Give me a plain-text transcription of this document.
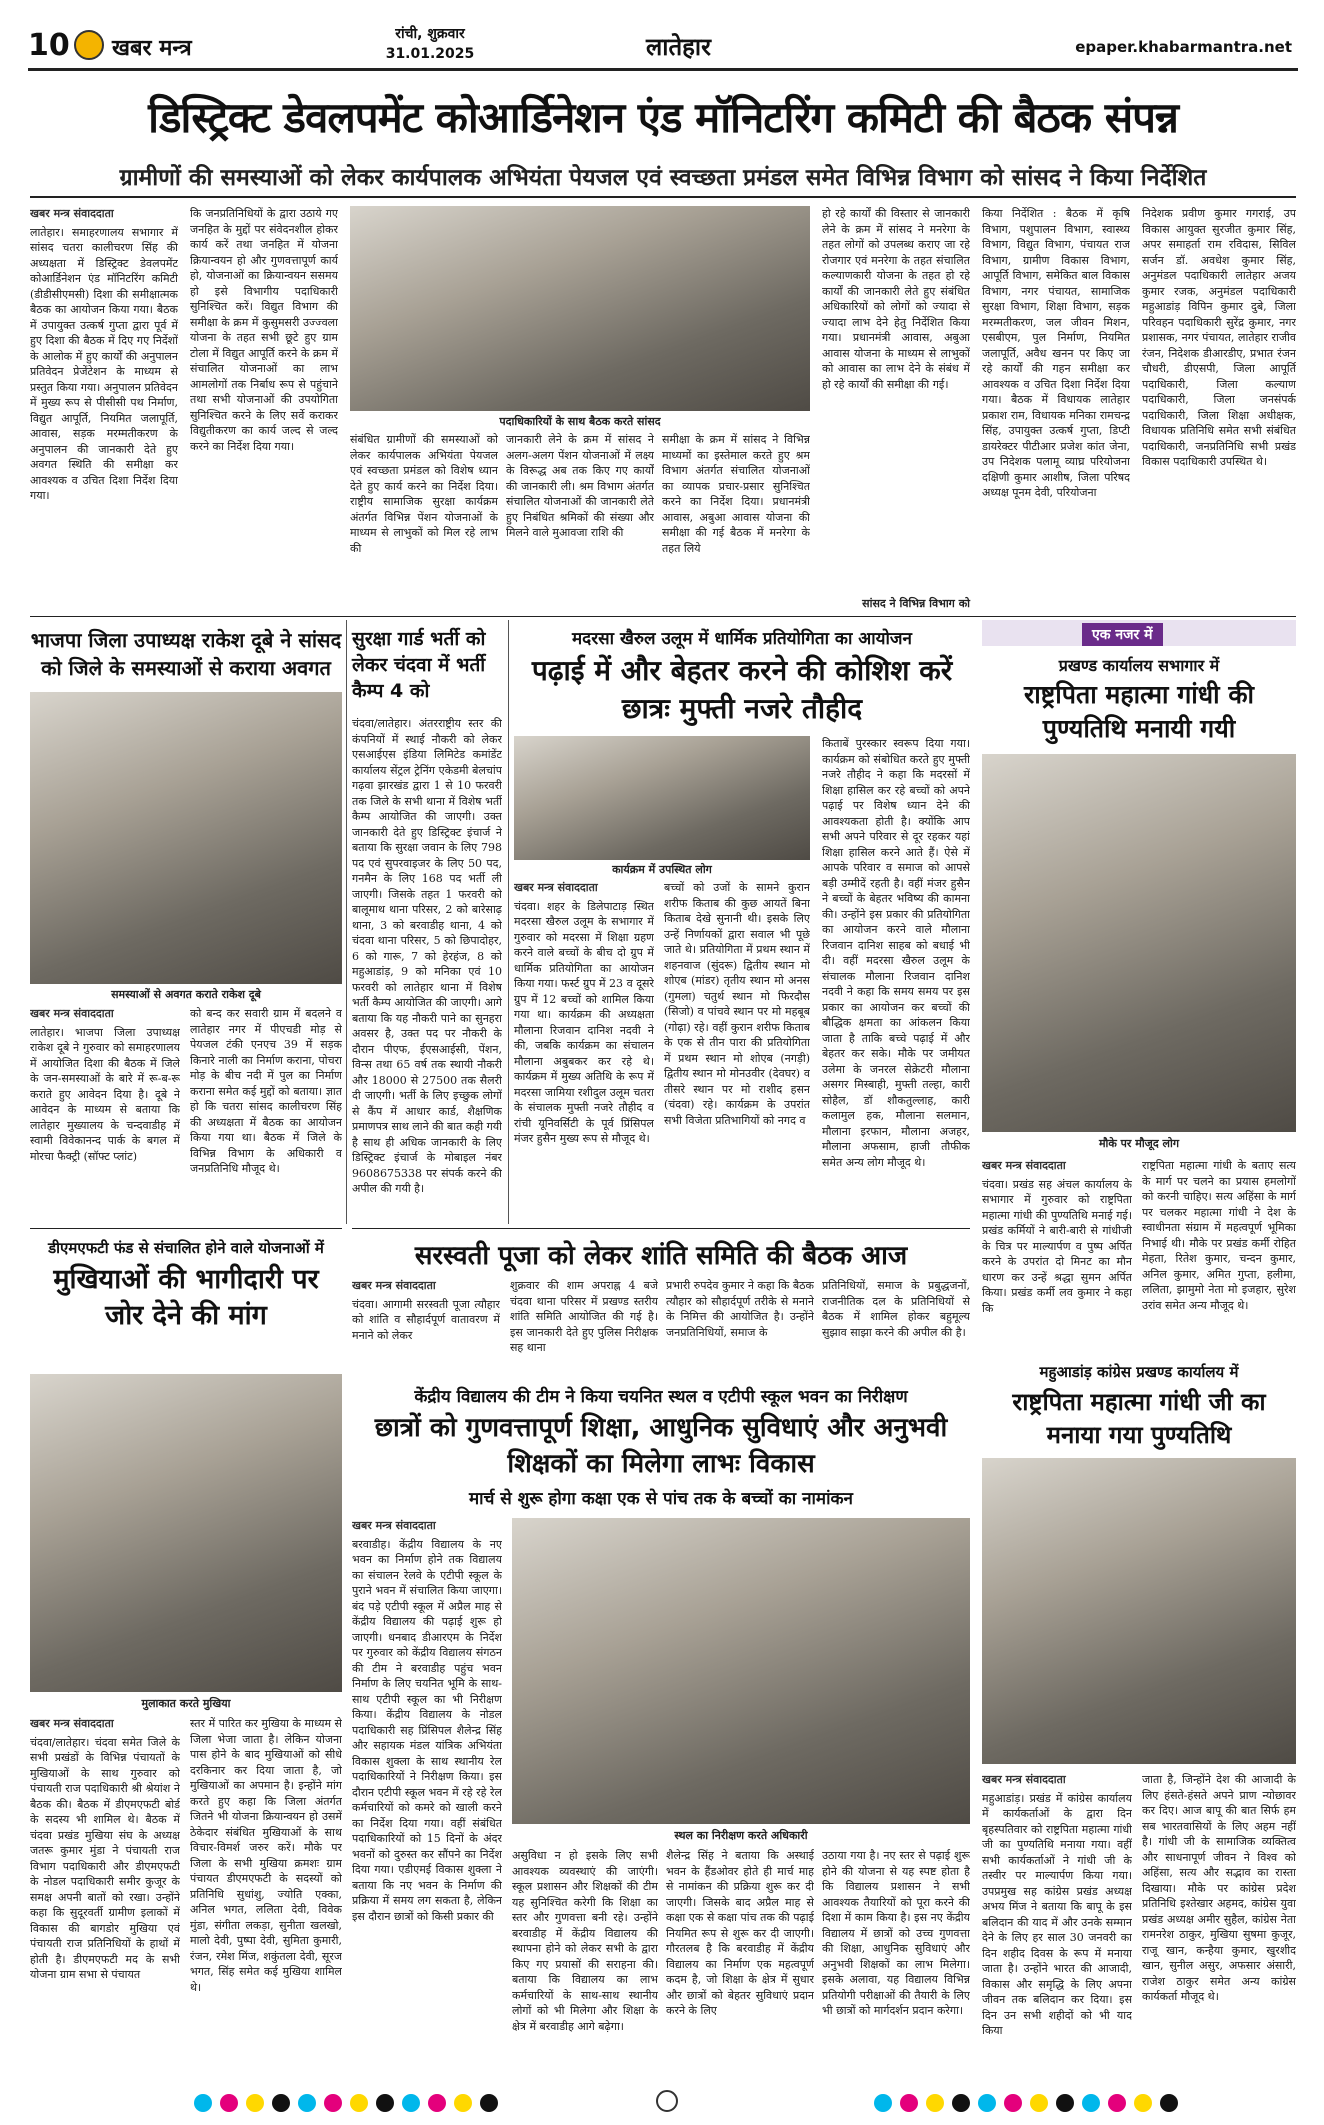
10 खबर मन्त्र
रांची, शुक्रवार
31.01.2025	लातेहार	epaper.khabarmantra.net
डिस्ट्रिक्ट डेवलपमेंट कोआर्डिनेशन एंड मॉनिटरिंग कमिटी की बैठक संपन्न
ग्रामीणों की समस्याओं को लेकर कार्यपालक अभियंता पेयजल एवं स्वच्छता प्रमंडल समेत विभिन्न विभाग को सांसद ने किया निर्देशित
खबर मन्त्र संवाददाता
लातेहार। समाहरणालय सभागार में सांसद चतरा कालीचरण सिंह की अध्यक्षता में डिस्ट्रिक्ट डेवलपमेंट कोआर्डिनेशन एंड मॉनिटरिंग कमिटी (डीडीसीएमसी) दिशा की समीक्षात्मक बैठक का आयोजन किया गया। बैठक में उपायुक्त उत्कर्ष गुप्ता द्वारा पूर्व में हुए दिशा की बैठक में दिए गए निर्देशों के आलोक में हुए कार्यों की अनुपालन प्रतिवेदन प्रेजेंटेशन के माध्यम से प्रस्तुत किया गया। अनुपालन प्रतिवेदन में मुख्य रूप से पीसीसी पथ निर्माण, विद्युत आपूर्ति, नियमित जलापूर्ति, आवास, सड़क मरम्मतीकरण के अनुपालन की जानकारी देते हुए अवगत स्थिति की समीक्षा कर आवश्यक व उचित दिशा निर्देश दिया गया।
कि जनप्रतिनिधियों के द्वारा उठाये गए जनहित के मुद्दों पर संवेदनशील होकर कार्य करें तथा जनहित में योजना क्रियान्वयन हो और गुणवत्तापूर्ण कार्य हो, योजनाओं का क्रियान्वयन ससमय हो इसे विभागीय पदाधिकारी सुनिश्चित करें। विद्युत विभाग की समीक्षा के क्रम में कुसुमसरी उज्ज्वला योजना के तहत सभी छूटे हुए ग्राम टोला में विद्युत आपूर्ति करने के क्रम में संचालित योजनाओं का लाभ आमलोगों तक निर्बाध रूप से पहुंचाने तथा सभी योजनाओं की उपयोगिता सुनिश्चित करने के लिए सर्वे कराकर विद्युतीकरण का कार्य जल्द से जल्द करने का निर्देश दिया गया।
पदाधिकारियों के साथ बैठक करते सांसद
संबंधित ग्रामीणों की समस्याओं को लेकर कार्यपालक अभियंता पेयजल एवं स्वच्छता प्रमंडल को विशेष ध्यान देते हुए कार्य करने का निर्देश दिया। राष्ट्रीय सामाजिक सुरक्षा कार्यक्रम अंतर्गत विभिन्न पेंशन योजनाओं के माध्यम से लाभुकों को मिल रहे लाभ की
जानकारी लेने के क्रम में सांसद ने अलग-अलग पेंशन योजनाओं में लक्ष्य के विरूद्ध अब तक किए गए कार्यों की जानकारी ली। श्रम विभाग अंतर्गत संचालित योजनाओं की जानकारी लेते हुए निबंधित श्रमिकों की संख्या और मिलने वाले मुआवजा राशि की
समीक्षा के क्रम में सांसद ने विभिन्न माध्यमों का इस्तेमाल करते हुए श्रम विभाग अंतर्गत संचालित योजनाओं का व्यापक प्रचार-प्रसार सुनिश्चित करने का निर्देश दिया। प्रधानमंत्री आवास, अबुआ आवास योजना की समीक्षा की गई बैठक में मनरेगा के तहत लिये
हो रहे कार्यों की विस्तार से जानकारी लेने के क्रम में सांसद ने मनरेगा के तहत लोगों को उपलब्ध कराए जा रहे रोजगार एवं मनरेगा के तहत संचालित कल्याणकारी योजना के तहत हो रहे कार्यों की जानकारी लेते हुए संबंधित अधिकारियों को लोगों को ज्यादा से ज्यादा लाभ देने हेतु निर्देशित किया गया। प्रधानमंत्री आवास, अबुआ आवास योजना के माध्यम से लाभुकों को आवास का लाभ देने के संबंध में हो रहे कार्यों की समीक्षा की गई।
सांसद ने विभिन्न विभाग को
किया निर्देशित : बैठक में कृषि विभाग, पशुपालन विभाग, स्वास्थ्य विभाग, विद्युत विभाग, पंचायत राज विभाग, ग्रामीण विकास विभाग, आपूर्ति विभाग, समेकित बाल विकास विभाग, नगर पंचायत, सामाजिक सुरक्षा विभाग, शिक्षा विभाग, सड़क मरम्मतीकरण, जल जीवन मिशन, एसबीएम, पुल निर्माण, नियमित जलापूर्ति, अवैध खनन पर किए जा रहे कार्यों की गहन समीक्षा कर आवश्यक व उचित दिशा निर्देश दिया गया। बैठक में विधायक लातेहार प्रकाश राम, विधायक मनिका रामचन्द्र सिंह, उपायुक्त उत्कर्ष गुप्ता, डिप्टी डायरेक्टर पीटीआर प्रजेश कांत जेना, उप निदेशक पलामू व्याघ्र परियोजना दक्षिणी कुमार आशीष, जिला परिषद अध्यक्ष पूनम देवी, परियोजना
निदेशक प्रवीण कुमार गगराई, उप विकास आयुक्त सुरजीत कुमार सिंह, अपर समाहर्ता राम रविदास, सिविल सर्जन डॉ. अवधेश कुमार सिंह, अनुमंडल पदाधिकारी लातेहार अजय कुमार रजक, अनुमंडल पदाधिकारी महुआडांड़ विपिन कुमार दुबे, जिला परिवहन पदाधिकारी सुरेंद्र कुमार, नगर प्रशासक, नगर पंचायत, लातेहार राजीव रंजन, निदेशक डीआरडीए, प्रभात रंजन चौधरी, डीएसपी, जिला आपूर्ति पदाधिकारी, जिला कल्याण पदाधिकारी, जिला जनसंपर्क पदाधिकारी, जिला शिक्षा अधीक्षक, विधायक प्रतिनिधि समेत सभी संबंधित पदाधिकारी, जनप्रतिनिधि सभी प्रखंड विकास पदाधिकारी उपस्थित थे।
भाजपा जिला उपाध्यक्ष राकेश दूबे ने सांसद को जिले के समस्याओं से कराया अवगत
समस्याओं से अवगत कराते राकेश दूबे
खबर मन्त्र संवाददाता
लातेहार। भाजपा जिला उपाध्यक्ष राकेश दूबे ने गुरुवार को समाहरणालय में आयोजित दिशा की बैठक में जिले के जन-समस्याओं के बारे में रू-ब-रू कराते हुए आवेदन दिया है। दूबे ने आवेदन के माध्यम से बताया कि लातेहार मुख्यालय के चन्दवाडीह में स्वामी विवेकानन्द पार्क के बगल में मोरचा फैक्ट्री (सॉफ्ट प्लांट)
को बन्द कर सवारी ग्राम में बदलने व लातेहार नगर में पीएचडी मोड़ से पेयजल टंकी एनएच 39 में सड़क किनारे नाली का निर्माण कराना, पोचरा मोड़ के बीच नदी में पुल का निर्माण कराना समेत कई मुद्दों को बताया। ज्ञात हो कि चतरा सांसद कालीचरण सिंह की अध्यक्षता में बैठक का आयोजन किया गया था। बैठक में जिले के विभिन्न विभाग के अधिकारी व जनप्रतिनिधि मौजूद थे।
सुरक्षा गार्ड भर्ती को लेकर चंदवा में भर्ती कैम्प 4 को
चंदवा/लातेहार। अंतरराष्ट्रीय स्तर की कंपनियों में स्थाई नौकरी को लेकर एसआईएस इंडिया लिमिटेड कमांडेंट कार्यालय सेंट्रल ट्रेनिंग एकेडमी बेलचांप गढ़वा झारखंड द्वारा 1 से 10 फरवरी तक जिले के सभी थाना में विशेष भर्ती कैम्प आयोजित की जाएगी। उक्त जानकारी देते हुए डिस्ट्रिक्ट इंचार्ज ने बताया कि सुरक्षा जवान के लिए 798 पद एवं सुपरवाइजर के लिए 50 पद, गनमैन के लिए 168 पद भर्ती ली जाएगी। जिसके तहत 1 फरवरी को बालूमाथ थाना परिसर, 2 को बारेसाढ़ थाना, 3 को बरवाडीह थाना, 4 को चंदवा थाना परिसर, 5 को छिपादोहर, 6 को गारू, 7 को हेरहंज, 8 को महुआडांड़, 9 को मनिका एवं 10 फरवरी को लातेहार थाना में विशेष भर्ती कैम्प आयोजित की जाएगी। आगे बताया कि यह नौकरी पाने का सुनहरा अवसर है, उक्त पद पर नौकरी के दौरान पीएफ, ईएसआईसी, पेंशन, विन्स तथा 65 वर्ष तक स्थायी नौकरी और 18000 से 27500 तक सैलरी दी जाएगी। भर्ती के लिए इच्छुक लोगों से कैंप में आधार कार्ड, शैक्षणिक प्रमाणपत्र साथ लाने की बात कही गयी है साथ ही अधिक जानकारी के लिए डिस्ट्रिक्ट इंचार्ज के मोबाइल नंबर 9608675338 पर संपर्क करने की अपील की गयी है।
मदरसा खैरुल उलूम में धार्मिक प्रतियोगिता का आयोजन
पढ़ाई में और बेहतर करने की कोशिश करें छात्रः मुफ्ती नजरे तौहीद
कार्यक्रम में उपस्थित लोग
खबर मन्त्र संवाददाता
चंदवा। शहर के डिलेपाटाड़ स्थित मदरसा खैरुल उलूम के सभागार में गुरुवार को मदरसा में शिक्षा ग्रहण करने वाले बच्चों के बीच दो ग्रुप में धार्मिक प्रतियोगिता का आयोजन किया गया। फर्स्ट ग्रुप में 23 व दूसरे ग्रुप में 12 बच्चों को शामिल किया गया था। कार्यक्रम की अध्यक्षता मौलाना रिजवान दानिश नदवी ने की, जबकि कार्यक्रम का संचालन मौलाना अबुबकर कर रहे थे। कार्यक्रम में मुख्य अतिथि के रूप में मदरसा जामिया रशीदुल उलूम चतरा के संचालक मुफ्ती नजरे तौहीद व रांची यूनिवर्सिटी के पूर्व प्रिंसिपल मंजर हुसैन मुख्य रूप से मौजूद थे।
बच्चों को उजों के सामने कुरान शरीफ किताब की कुछ आयतें बिना किताब देखे सुनानी थी। इसके लिए उन्हें निर्णायकों द्वारा सवाल भी पूछे जाते थे। प्रतियोगिता में प्रथम स्थान में शहनवाज (सुंदरू) द्वितीय स्थान मो शोएब (मांडर) तृतीय स्थान मो अनस (गुमला) चतुर्थ स्थान मो फिरदौस (सिजो) व पांचवे स्थान पर मो महबूब (गोढ़ा) रहे। वहीं कुरान शरीफ किताब के एक से तीन पारा की प्रतियोगिता में प्रथम स्थान मो शोएब (नगड़ी) द्वितीय स्थान मो मोनउवीर (देवघर) व तीसरे स्थान पर मो राशीद हसन (चंदवा) रहे। कार्यक्रम के उपरांत सभी विजेता प्रतिभागियों को नगद व
किताबें पुरस्कार स्वरूप दिया गया। कार्यक्रम को संबोधित करते हुए मुफ्ती नजरे तौहीद ने कहा कि मदरसों में शिक्षा हासिल कर रहे बच्चों को अपने पढ़ाई पर विशेष ध्यान देने की आवश्यकता होती है। क्योंकि आप सभी अपने परिवार से दूर रहकर यहां शिक्षा हासिल करने आते हैं। ऐसे में आपके परिवार व समाज को आपसे बड़ी उम्मीदें रहती है। वहीं मंजर हुसैन ने बच्चों के बेहतर भविष्य की कामना की। उन्होंने इस प्रकार की प्रतियोगिता का आयोजन करने वाले मौलाना रिजवान दानिश साहब को बधाई भी दी। वहीं मदरसा खैरुल उलूम के संचालक मौलाना रिजवान दानिश नदवी ने कहा कि समय समय पर इस प्रकार का आयोजन कर बच्चों की बौद्धिक क्षमता का आंकलन किया जाता है ताकि बच्चे पढ़ाई में और बेहतर कर सके। मौके पर जमीयत उलेमा के जनरल सेक्रेटरी मौलाना असगर मिस्बाही, मुफ्ती तल्हा, कारी सोहैल, डॉ शौकतुल्लाह, कारी कलामुल हक, मौलाना सलमान, मौलाना इरफान, मौलाना अजहर, मौलाना अफसाम, हाजी तौफीक समेत अन्य लोग मौजूद थे।
एक नजर में
प्रखण्ड कार्यालय सभागार में
राष्ट्रपिता महात्मा गांधी की पुण्यतिथि मनायी गयी
मौके पर मौजूद लोग
खबर मन्त्र संवाददाता
चंदवा। प्रखंड सह अंचल कार्यालय के सभागार में गुरुवार को राष्ट्रपिता महात्मा गांधी की पुण्यतिथि मनाई गई। प्रखंड कर्मियों ने बारी-बारी से गांधीजी के चित्र पर माल्यार्पण व पुष्प अर्पित करने के उपरांत दो मिनट का मौन धारण कर उन्हें श्रद्धा सुमन अर्पित किया। प्रखंड कर्मी लव कुमार ने कहा कि
राष्ट्रपिता महात्मा गांधी के बताए सत्य के मार्ग पर चलने का प्रयास हमलोगों को करनी चाहिए। सत्य अहिंसा के मार्ग पर चलकर महात्मा गांधी ने देश के स्वाधीनता संग्राम में महत्वपूर्ण भूमिका निभाई थी। मौके पर प्रखंड कर्मी रोहित मेहता, रितेश कुमार, चन्दन कुमार, अनिल कुमार, अमित गुप्ता, हलीमा, ललिता, झामुमो नेता मो इजहार, सुरेश उरांव समेत अन्य मौजूद थे।
सरस्वती पूजा को लेकर शांति समिति की बैठक आज
खबर मन्त्र संवाददाता
चंदवा। आगामी सरस्वती पूजा त्यौहार को शांति व सौहार्दपूर्ण वातावरण में मनाने को लेकर
शुक्रवार की शाम अपराह्न 4 बजे चंदवा थाना परिसर में प्रखण्ड स्तरीय शांति समिति आयोजित की गई है। इस जानकारी देते हुए पुलिस निरीक्षक सह थाना
प्रभारी रुपदेव कुमार ने कहा कि बैठक त्यौहार को सौहार्दपूर्ण तरीके से मनाने के निमित्त की आयोजित है। उन्होंने जनप्रतिनिधियों, समाज के
प्रतिनिधियों, समाज के प्रबुद्धजनों, राजनीतिक दल के प्रतिनिधियों से बैठक में शामिल होकर बहुमूल्य सुझाव साझा करने की अपील की है।
डीएमएफटी फंड से संचालित होने वाले योजनाओं में
मुखियाओं की भागीदारी पर जोर देने की मांग
मुलाकात करते मुखिया
खबर मन्त्र संवाददाता
चंदवा/लातेहार। चंदवा समेत जिले के सभी प्रखंडों के विभिन्न पंचायतों के मुखियाओं के साथ गुरुवार को पंचायती राज पदाधिकारी श्री श्रेयांश ने बैठक की। बैठक में डीएमएफटी बोर्ड के सदस्य भी शामिल थे। बैठक में चंदवा प्रखंड मुखिया संघ के अध्यक्ष जतरू कुमार मुंडा ने पंचायती राज विभाग पदाधिकारी और डीएमएफटी के नोडल पदाधिकारी समीर कुजूर के समक्ष अपनी बातों को रखा। उन्होंने कहा कि सुदूरवर्ती ग्रामीण इलाकों में विकास की बागडोर मुखिया एवं पंचायती राज प्रतिनिधियों के हाथों में होती है। डीएमएफटी मद के सभी योजना ग्राम सभा से पंचायत
स्तर में पारित कर मुखिया के माध्यम से जिला भेजा जाता है। लेकिन योजना पास होने के बाद मुखियाओं को सीधे दरकिनार कर दिया जाता है, जो मुखियाओं का अपमान है। इन्होंने मांग करते हुए कहा कि जिला अंतर्गत जितने भी योजना क्रियान्वयन हो उसमें ठेकेदार संबंधित मुखियाओं के साथ विचार-विमर्श जरुर करें। मौके पर जिला के सभी मुखिया क्रमशः ग्राम पंचायत डीएमएफटी के सदस्यों को प्रतिनिधि सुधांशु, ज्योति एक्का, अनिल भगत, ललिता देवी, विवेक मुंडा, संगीता लकड़ा, सुनीता खलखो, मालो देवी, पुष्पा देवी, सुमिता कुमारी, रंजन, रमेश मिंज, शकुंतला देवी, सूरज भगत, सिंह समेत कई मुखिया शामिल थे।
केंद्रीय विद्यालय की टीम ने किया चयनित स्थल व एटीपी स्कूल भवन का निरीक्षण
छात्रों को गुणवत्तापूर्ण शिक्षा, आधुनिक सुविधाएं और अनुभवी शिक्षकों का मिलेगा लाभः विकास
मार्च से शुरू होगा कक्षा एक से पांच तक के बच्चों का नामांकन
खबर मन्त्र संवाददाता
बरवाडीह। केंद्रीय विद्यालय के नए भवन का निर्माण होने तक विद्यालय का संचालन रेलवे के एटीपी स्कूल के पुराने भवन में संचालित किया जाएगा। बंद पड़े एटीपी स्कूल में अप्रैल माह से केंद्रीय विद्यालय की पढ़ाई शुरू हो जाएगी। धनबाद डीआरएम के निर्देश पर गुरुवार को केंद्रीय विद्यालय संगठन की टीम ने बरवाडीह पहुंच भवन निर्माण के लिए चयनित भूमि के साथ-साथ एटीपी स्कूल का भी निरीक्षण किया। केंद्रीय विद्यालय के नोडल पदाधिकारी सह प्रिंसिपल शैलेन्द्र सिंह और सहायक मंडल यांत्रिक अभियंता विकास शुक्ला के साथ स्थानीय रेल पदाधिकारियों ने निरीक्षण किया। इस दौरान एटीपी स्कूल भवन में रहे रहे रेल कर्मचारियों को कमरे को खाली करने का निर्देश दिया गया। वहीं संबंधित पदाधिकारियों को 15 दिनों के अंदर भवनों को दुरुस्त कर सौंपने का निर्देश दिया गया। एडीएमई विकास शुक्ला ने बताया कि नए भवन के निर्माण की प्रक्रिया में समय लग सकता है, लेकिन इस दौरान छात्रों को किसी प्रकार की
स्थल का निरीक्षण करते अधिकारी
असुविधा न हो इसके लिए सभी आवश्यक व्यवस्थाएं की जाएंगी। स्कूल प्रशासन और शिक्षकों की टीम यह सुनिश्चित करेगी कि शिक्षा का स्तर और गुणवत्ता बनी रहे। उन्होंने बरवाडीह में केंद्रीय विद्यालय की स्थापना होने को लेकर सभी के द्वारा किए गए प्रयासों की सराहना की। बताया कि विद्यालय का लाभ कर्मचारियों के साथ-साथ स्थानीय लोगों को भी मिलेगा और शिक्षा के क्षेत्र में बरवाडीह आगे बढ़ेगा।
शैलेन्द्र सिंह ने बताया कि अस्थाई भवन के हैंडओवर होते ही मार्च माह से नामांकन की प्रक्रिया शुरू कर दी जाएगी। जिसके बाद अप्रैल माह से कक्षा एक से कक्षा पांच तक की पढ़ाई नियमित रूप से शुरू कर दी जाएगी। गौरतलब है कि बरवाडीह में केंद्रीय विद्यालय का निर्माण एक महत्वपूर्ण कदम है, जो शिक्षा के क्षेत्र में सुधार और छात्रों को बेहतर सुविधाएं प्रदान करने के लिए
उठाया गया है। नए स्तर से पढ़ाई शुरू होने की योजना से यह स्पष्ट होता है कि विद्यालय प्रशासन ने सभी आवश्यक तैयारियों को पूरा करने की दिशा में काम किया है। इस नए केंद्रीय विद्यालय में छात्रों को उच्च गुणवत्ता की शिक्षा, आधुनिक सुविधाएं और अनुभवी शिक्षकों का लाभ मिलेगा। इसके अलावा, यह विद्यालय विभिन्न प्रतियोगी परीक्षाओं की तैयारी के लिए भी छात्रों को मार्गदर्शन प्रदान करेगा।
महुआडांड़ कांग्रेस प्रखण्ड कार्यालय में
राष्ट्रपिता महात्मा गांधी जी का मनाया गया पुण्यतिथि
खबर मन्त्र संवाददाता
महुआडांड़। प्रखंड में कांग्रेस कार्यालय में कार्यकर्ताओं के द्वारा दिन बृहस्पतिवार को राष्ट्रपिता महात्मा गांधी जी का पुण्यतिथि मनाया गया। वहीं सभी कार्यकर्ताओं ने गांधी जी के तस्वीर पर माल्यार्पण किया गया। उपप्रमुख सह कांग्रेस प्रखंड अध्यक्ष अभय मिंज ने बताया कि बापू के इस बलिदान की याद में और उनके सम्मान देने के लिए हर साल 30 जनवरी का दिन शहीद दिवस के रूप में मनाया जाता है। उन्होंने भारत की आजादी, विकास और समृद्धि के लिए अपना जीवन तक बलिदान कर दिया। इस दिन उन सभी शहीदों को भी याद किया
जाता है, जिन्होंने देश की आजादी के लिए हंसते-हंसते अपने प्राण न्योछावर कर दिए। आज बापू की बात सिर्फ हम सब भारतवासियों के लिए अहम नहीं है। गांधी जी के सामाजिक व्यक्तित्व और साधनापूर्ण जीवन ने विश्व को अहिंसा, सत्य और सद्भाव का रास्ता दिखाया। मौके पर कांग्रेस प्रदेश प्रतिनिधि इश्तेखार अहमद, कांग्रेस युवा प्रखंड अध्यक्ष अमीर सुहैल, कांग्रेस नेता रामनरेश ठाकुर, मुखिया सुषमा कुजूर, राजू खान, कन्हैया कुमार, खुरशीद खान, सुनील असुर, अफसार अंसारी, राजेश ठाकुर समेत अन्य कांग्रेस कार्यकर्ता मौजूद थे।
